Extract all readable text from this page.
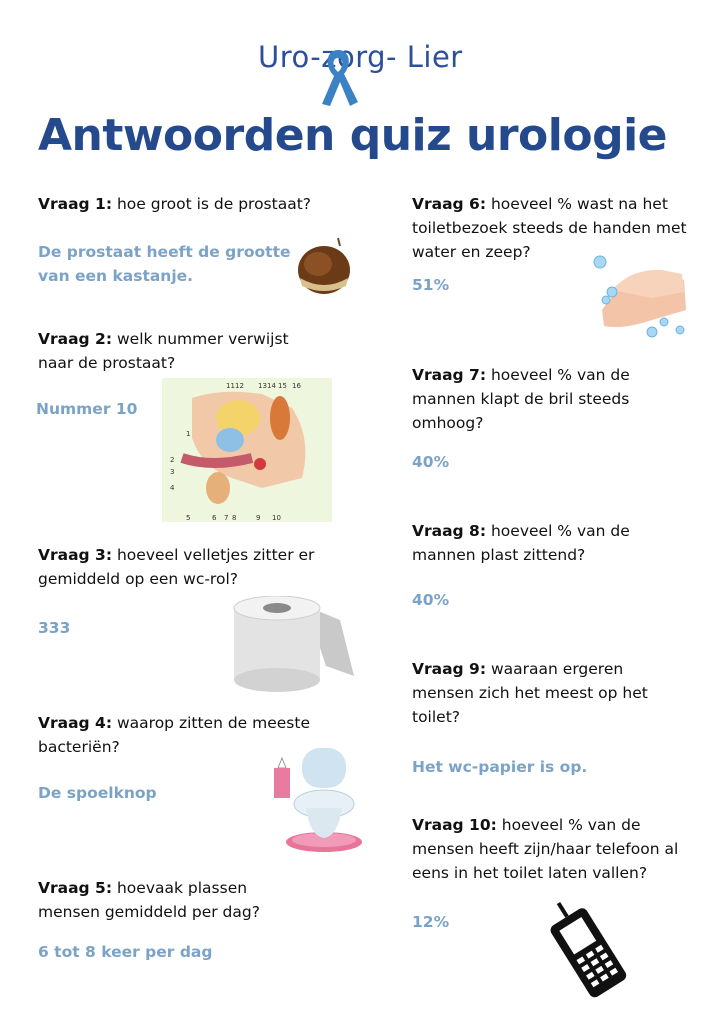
Uro-zorg- Lier
Antwoorden quiz urologie
Vraag 1: hoe groot is de prostaat?
De prostaat heeft de grootte van een kastanje.
Vraag 2: welk nummer verwijst naar de prostaat?
Nummer 10
11 12 13 14 15 16
1
2
3
4
5	6 7 8	9 10
Vraag 3: hoeveel velletjes zitter er gemiddeld op een wc-rol?
333
Vraag 4: waarop zitten de meeste bacteriën?
De spoelknop
Vraag 5: hoevaak plassen mensen gemiddeld per dag?
6 tot 8 keer per dag
Vraag 6: hoeveel % wast na het toiletbezoek steeds de handen met water en zeep?
51%
Vraag 7: hoeveel % van de mannen klapt de bril steeds omhoog?
40%
Vraag 8: hoeveel % van de mannen plast zittend?
40%
Vraag 9: waaraan ergeren mensen zich het meest op het toilet?
Het wc-papier is op.
Vraag 10: hoeveel % van de mensen heeft zijn/haar telefoon al eens in het toilet laten vallen?
12%
